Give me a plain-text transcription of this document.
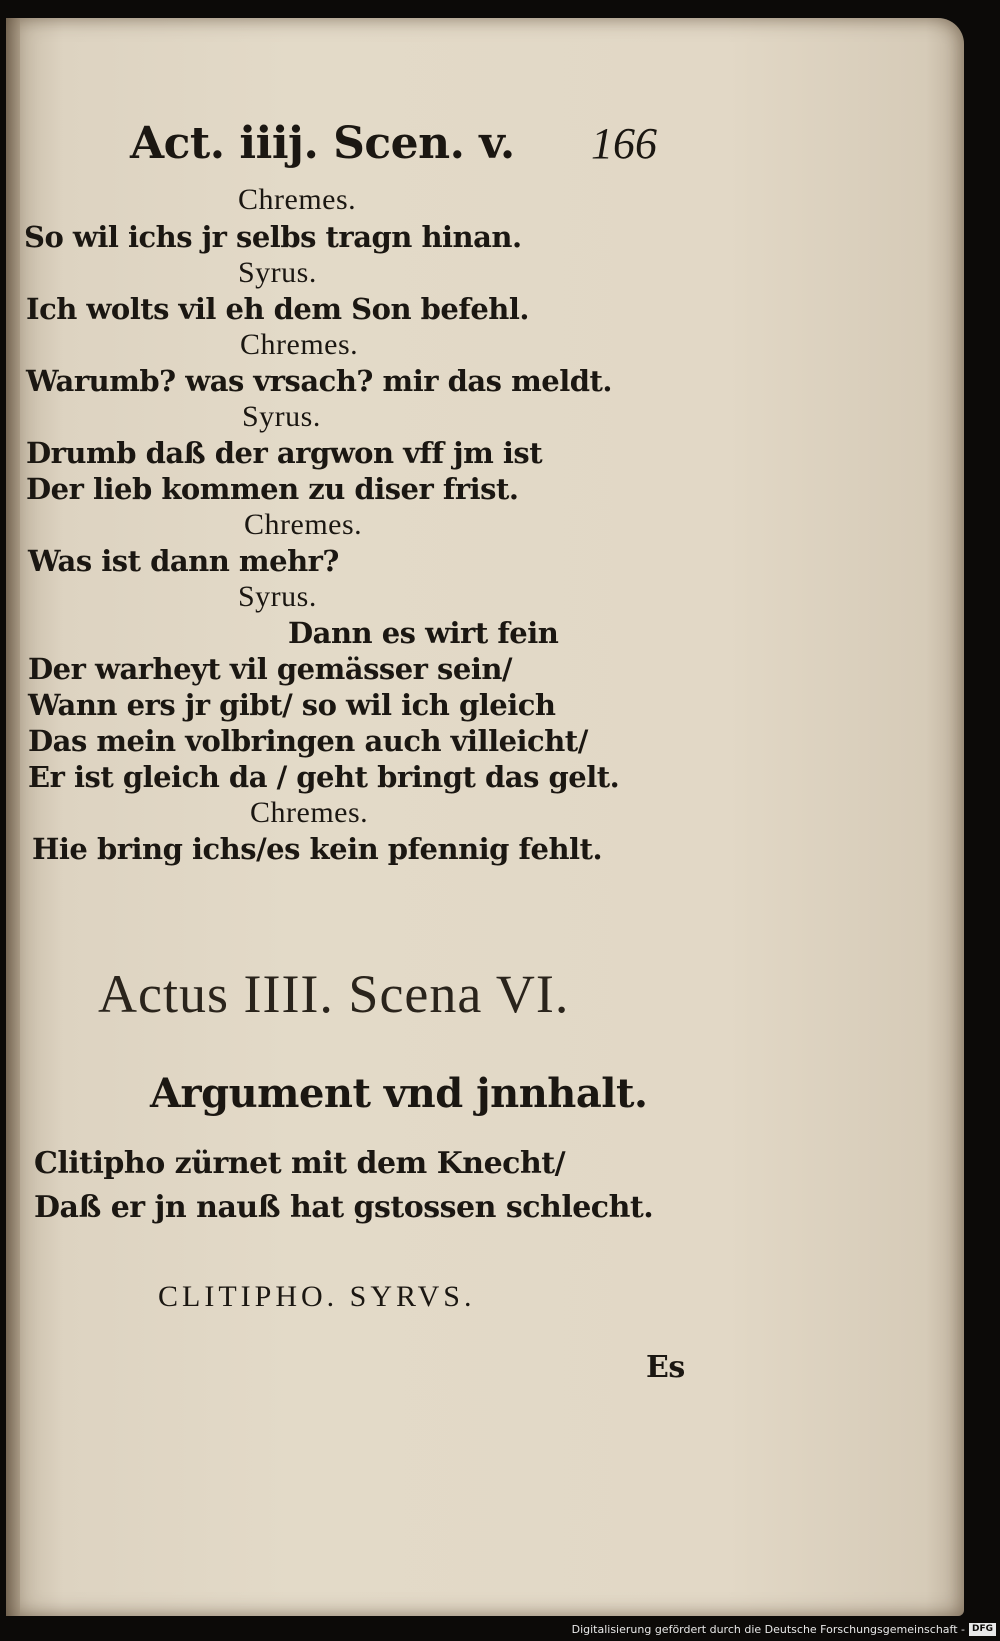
Act. iiij. Scen. v. 166
Chremes.
So wil ichs jr selbs tragn hinan.
Syrus.
Ich wolts vil eh dem Son befehl.
Chremes.
Warumb? was vrsach? mir das meldt.
Syrus.
Drumb daß der argwon vff jm ist
Der lieb kommen zu diser frist.
Chremes.
Was ist dann mehr?
Syrus.
Dann es wirt fein
Der warheyt vil gemässer sein/
Wann ers jr gibt/ so wil ich gleich
Das mein volbringen auch villeicht/
Er ist gleich da / geht bringt das gelt.
Chremes.
Hie bring ichs/es kein pfennig fehlt.
Actus IIII. Scena VI.
Argument vnd jnnhalt.
Clitipho zürnet mit dem Knecht/
Daß er jn nauß hat gstossen schlecht.
CLITIPHO. SYRVS.
Es
Digitalisierung gefördert durch die Deutsche Forschungsgemeinschaft - DFG
